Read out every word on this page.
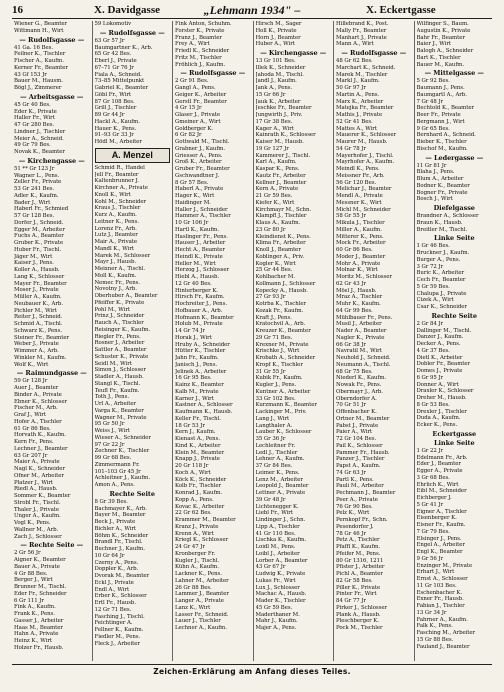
16	X. Davidgasse	„Lehmann 1934" –	X. Eckertgasse
Wiener G., Beamter
Wittmann H., Wirt
— Rudolfsgasse —
41 Ga. 16 Bes.
Feilner K., Tischler
Fischer A., Kaufm.
Kerner Fr., Beamter
43 Gf 153 Jr
Bauer M., Hausm.
Bögl J., Zimmerer
— Arbeitsgasse —
45 Gr 40 Bes.
Eder K., Private
Haller Fr., Wirt
47 Gr 280 Bes.
Lindner J., Tischler
Meier A., Schneid.
49 Gr 79 Bes.
Novak K., Beamter
— Kirchengasse —
51 ** Gr 123 Jr
Wagner L., Pens.
Zeller Fr., Private
53 Gr 241 Bes.
Adler K., Kaufm.
Bader J., Wirt
Haberl Fr., Schmied
57 Gr 128 Bes.
Dorfer J., Schneid.
Egger M., Arbeiter
Fuchs A., Beamter
Gruber K., Private
Huber Fr., Tischl.
Jäger M., Wirt
Kaiser J., Pens.
Koller A., Hausb.
Lang K., Schlosser
Mayer Fr., Beamter
Moser J., Private
Müller A., Kaufm.
Neubauer K., Arb.
Pichler M., Wirt
Reiter J., Schneid.
Schmid A., Tischl.
Schwarz K., Pens.
Steiner Fr., Beamter
Weber J., Private
Wimmer A., Arb.
Winkler M., Kaufm.
Wolf K., Wirt
— Raimundgasse —
59 Gr 128 Jr
Auer J., Beamter
Binder A., Private
Ebner K., Schlosser
Fischer M., Arb.
Graf J., Wirt
Hofer A., Tischler
61 Gr 86 Bes.
Horvath K., Kaufm.
Kern Fr., Pens.
Lechner J., Beamter
63 Gr 207 Jr
Maier A., Private
Nagl K., Schneider
Ofner M., Arbeiter
Platzer J., Wirt
Riedl A., Hausb.
Sommer K., Beamter
Strobl Fr., Tischl.
Thaler J., Private
Unger A., Kaufm.
Vogl K., Pens.
Wallner M., Arb.
Zach J., Schlosser
— Rechte Seite —
2 Gr 56 Jr
Aigner K., Beamter
Bauer A., Private
4 Gr 88 Bes.
Berger J., Wirt
Brunner M., Tischl.
Eder Fr., Schneider
6 Gr 111 Jr
Fink A., Kaufm.
Frank K., Pens.
Gasser J., Arbeiter
Haas M., Beamter
Hahn A., Private
Heinz K., Wirt
Holzer Fr., Hausb.
59 Lokomotiv
— Rudolfsgasse —
63 Gr 57 Jr
Baumgartner K., Arb.
65 Gr 42 Bes.
Eberl J., Private
67–71 Gr 76 Jr
Fiala A., Schneid.
73–85 Mittelpunkt
Gabriel K., Beamter
Göbl Fr., Wirt
87 Gr 108 Bes.
Grill J., Tischler
89 Gr 44 Jr
Hackl A., Kaufm.
Hauer K., Pens.
91–93 Gr 33 Jr
Hödl M., Arbeiter
A. Menzel
Schmid R., Handel
Jell Fr., Beamter
Kaltenbrunner J.
Kirchner A., Private
Knoll K., Wirt
Kohl M., Schneider
Kraus J., Tischler
Kurz A., Kaufm.
Leitner K., Pens.
Lorenz Fr., Arb.
Lutz J., Beamter
Mair A., Private
Mandl K., Wirt
Marek M., Schlosser
Mayr J., Hausb.
Meixner A., Tischl.
Moll K., Kaufm.
Nemec Fr., Pens.
Novotny J., Arb.
Oberhuber A., Beamter
Pfeiffer K., Private
Pohl M., Wirt
Prinz J., Schneider
Rauch A., Tischler
Reisinger K., Kaufm.
Riegler Fr., Pens.
Rosner J., Arbeiter
Sattler A., Beamter
Schuster K., Private
Seidl M., Wirt
Simon J., Schlosser
Stadler A., Hausb.
Stangl K., Tischl.
Teufl Fr., Kaufm.
Toth J., Pens.
Url A., Arbeiter
Varga K., Beamter
Wagner M., Private
95 Gr 50 Jr
Weiss J., Wirt
Wieser A., Schneider
97 Gr 22 Jr
Zechner K., Tischler
99 Gr 68 Bes.
Zimmermann Fr.
101–103 Gr 45 Jr
Achleitner J., Kaufm.
Amon A., Pens.
Rechte Seite
8 Gr 39 Bes.
Bachmayer K., Arb.
Bayer M., Beamter
Beck J., Private
Bichler A., Wirt
Böhm K., Schneider
Brandl Fr., Tischl.
Buchner J., Kaufm.
10 Gr 64 Jr
Czerny A., Pens.
Doppler K., Arb.
Dvorak M., Beamter
Eckl J., Private
Endl A., Wirt
Erber K., Schlosser
Ertl Fr., Hausb.
12 Gr 71 Bes.
Fasching J., Tischl.
Feichtinger A.
Fellner K., Kaufm.
Fiedler M., Pens.
Fleck J., Arbeiter
Fink Anton, Schuhm.
Forster K., Private
Franz J., Beamter
Frey A., Wirt
Friedl K., Schneider
Fritz M., Tischler
Fröhlich J., Kaufm.
— Rudolfsgasse —
2 Gr 91 Bes.
Gangl A., Pens.
Geiger K., Arbeiter
Gerstl Fr., Beamter
4 Gr 15 Jr
Glaser J., Private
Gmeiner A., Wirt
Goldberger K.
6 Gr 82 Jr
Gottwald M., Tischl.
Grabner J., Kaufm.
Griesser A., Pens.
Groß K., Arbeiter
Gruber Fr., Beamter
Gschwandtner J.
8 Gr 57 Bes.
Haberl A., Private
Hager K., Wirt
Haidinger M.
Haller J., Schneider
Hammer A., Tischler
10 Gr 106 Jr
Hartl K., Kaufm.
Haslinger Fr., Pens.
Hauser J., Arbeiter
Hecht A., Beamter
Heindl K., Private
Heller M., Wirt
Herzog J., Schlosser
Hiebl A., Hausb.
12 Gr 40 Bes.
Hinterberger K.
Hirsch Fr., Kaufm.
Hochreiter J., Pens.
Hofbauer A., Arb.
Hofmann K., Beamter
Holub M., Private
14 Gr 74 Jr
Horak J., Wirt
Hruby A., Schneider
Hütter K., Tischler
Jahn Fr., Kaufm.
Janisch J., Pens.
Jelinek A., Arbeiter
16 Gr 95 Bes.
Kainz K., Beamter
Kalb M., Private
Karner J., Wirt
Kastner A., Schlosser
Kaufmann K., Hausb.
Keller Fr., Tischl.
18 Gr 53 Jr
Kern J., Kaufm.
Kienast A., Pens.
Kind K., Arbeiter
Klein M., Beamter
Knapp J., Private
20 Gr 118 Jr
Koch A., Wirt
Köck K., Schneider
Kolb Fr., Tischler
Konrad J., Kaufm.
Kopp A., Pens.
Kovac K., Arbeiter
22 Gr 62 Bes.
Krammer M., Beamter
Kranz J., Private
Krenn A., Wirt
Kriegl K., Schlosser
24 Gr 47 Jr
Kronberger Fr.
Kugler J., Tischl.
Kühn A., Kaufm.
Lackner K., Pens.
Lahner M., Arbeiter
26 Gr 88 Bes.
Lammer J., Beamter
Langer A., Private
Lanz K., Wirt
Lasser Fr., Schneid.
Lauer J., Tischler
Lechner A., Kaufm.
Hirsch M., Sager
Holl K., Private
Horn J., Beamter
Huber A., Wirt
— Kirchengasse —
13 Gr 101 Bes.
Illek K., Schneider
Jahoda M., Tischl.
Jandl J., Kaufm.
Jank A., Pens.
15 Gr 66 Jr
Jauk K., Arbeiter
Jeschke Fr., Beamter
Jungwirth J., Priv.
17 Gr 38 Bes.
Kager A., Wirt
Kainrath K., Schlosser
Kaiser M., Hausb.
19 Gr 127 Jr
Kammerer J., Tischl.
Karl A., Kaufm.
Kaspar K., Pens.
Kautz Fr., Arbeiter
Kellner J., Beamter
Kern A., Private
21 Gr 59 Bes.
Kiefer K., Wirt
Kirchmayr M., Schn.
Klampfl J., Tischler
Klaus A., Kaufm.
23 Gr 80 Jr
Kleindienst K., Pens.
Klima Fr., Arbeiter
Knoll J., Beamter
Koblinger A., Priv.
Kogler K., Wirt
25 Gr 44 Bes.
Kohlbacher M.
Kollmann J., Schlosser
Kopecky A., Hausb.
27 Gr 93 Jr
Kotrba K., Tischler
Kozak Fr., Kaufm.
Kraft J., Pens.
Kratochvil A., Arb.
Kreuzer K., Beamter
29 Gr 71 Bes.
Krexner M., Private
Krischke J., Wirt
Krobath A., Schneider
Kropf K., Tischler
31 Gr 55 Jr
Kubik Fr., Kaufm.
Kugler J., Pens.
Kuntner A., Arbeiter
33 Gr 102 Bes.
Kurzmann K., Beamter
Lackinger M., Priv.
Lang J., Wirt
Langthaler A.
Lauber K., Schlosser
35 Gr 36 Jr
Lechleitner Fr.
Ledl J., Tischler
Lehner A., Kaufm.
37 Gr 84 Bes.
Leimer K., Pens.
Lenz M., Arbeiter
Leopold J., Beamter
Lettner A., Private
39 Gr 48 Jr
Lichtenegger K.
Liebl Fr., Wirt
Lindinger J., Schn.
Lipp A., Tischler
41 Gr 110 Bes.
Lischka K., Kaufm.
Loidl M., Pens.
Loibl J., Arbeiter
Lorber A., Beamter
43 Gr 67 Jr
Ludwig K., Private
Lukas Fr., Wirt
Lux J., Schlosser
Machac A., Hausb.
Mader K., Tischler
45 Gr 59 Bes.
Maderthaner M.
Mahr J., Kaufm.
Majer A., Pens.
Hillebrand K., Post.
Mally Fr., Beamter
Manhart J., Private
Mann A., Wirt
— Rudolfsgasse —
48 Gr 62 Bes.
Marchart K., Schneid.
Marek M., Tischler
Markl J., Kaufm.
50 Gr 97 Jr
Martin A., Pens.
Marx K., Arbeiter
Matejka Fr., Beamter
Mathis J., Private
52 Gr 41 Bes.
Mattes A., Wirt
Mauerer K., Schlosser
Maurer M., Hausb.
54 Gr 78 Jr
Mayerhofer J., Tischl.
Mayrhofer A., Kaufm.
Meindl K., Pens.
Meissner Fr., Arb.
56 Gr 120 Bes.
Melichar J., Beamter
Mendl A., Private
Messner K., Wirt
Michl M., Schneider
58 Gr 55 Jr
Mikula J., Tischler
Miller A., Kaufm.
Mitterer K., Pens.
Mock Fr., Arbeiter
60 Gr 86 Bes.
Moder J., Beamter
Mohr A., Private
Molnar K., Wirt
Moritz M., Schlosser
62 Gr 43 Jr
Mösl J., Hausb.
Mraz A., Tischler
Muhr K., Kaufm.
64 Gr 99 Bes.
Mühlbauer Fr., Pens.
Musil J., Arbeiter
Nader A., Beamter
Nagler K., Private
66 Gr 38 Jr
Navratil M., Wirt
Neuhold J., Schneid.
Neumann A., Tischl.
68 Gr 75 Bes.
Niederl K., Kaufm.
Nowak Fr., Pens.
Obermayr J., Arb.
Oberndorfer A.
70 Gr 51 Jr
Offenbacher K.
Ortner M., Beamter
Pabst J., Private
Paier A., Wirt
72 Gr 104 Bes.
Pail K., Schlosser
Pammer Fr., Hausb.
Panzer J., Tischler
Papst A., Kaufm.
74 Gr 63 Jr
Partl K., Pens.
Pauli M., Arbeiter
Pechmann J., Beamter
Peer A., Private
76 Gr 90 Bes.
Pelz K., Wirt
Pernkopf Fr., Schn.
Pesendorfer J.
78 Gr 46 Jr
Petz A., Tischler
Pfaffl K., Kaufm.
Pfeifer M., Pens.
80 Gr 1316, 1211
Pfister J., Arbeiter
Pichl A., Beamter
82 Gr 58 Bes.
Piller K., Private
Pinter Fr., Wirt
84 Gr 77 Jr
Pirker J., Schlosser
Plank A., Hausb.
Pleschberger K.
Pock M., Tischler
Wilfinger S., Baum.
Augustin K., Private
Bahr Fr., Beamter
Baier J., Wirt
Balogh A., Schneider
Bart K., Tischler
Bauer M., Kaufm.
— Mittelgasse —
5 Gr 92 Bes.
Baumann J., Pens.
Baumgartl A., Arb.
7 Gr 48 Jr
Bechtold K., Beamter
Beer Fr., Private
Bergmann J., Wirt
9 Gr 65 Bes.
Bernhard A., Schneid.
Bieber K., Tischler
Bischof M., Kaufm.
— Ledergasse —
11 Gr 81 Jr
Blaha J., Pens.
Blum A., Arbeiter
Bodner K., Beamter
Bogner Fr., Private
Bosch J., Wirt
Diefelgasse
Brandner A., Schlosser
Braun K., Hausb.
Breitler M., Tischl.
Linke Seite
1 Gr 46 Bes.
Bruckner J., Kaufm.
Burger A., Pens.
3 Gr 72 Jr
Buric K., Arbeiter
Cech Fr., Beamter
5 Gr 59 Bes.
Chalupa J., Private
Cizek A., Wirt
Csar K., Schneider
Rechte Seite
2 Gr 84 Jr
Dallinger M., Tischl.
Danzer J., Kaufm.
Decker A., Pens.
4 Gr 37 Bes.
Dietl K., Arbeiter
Dobler Fr., Beamter
Domes J., Private
6 Gr 95 Jr
Donner A., Wirt
Draxler K., Schlosser
Dreher M., Hausb.
8 Gr 53 Bes.
Drexler J., Tischler
Duda A., Kaufm.
Ecker K., Pens.
Eckertgasse
Linke Seite
1 Gr 22 Jr
Edelmann Fr., Arb.
Eder J., Beamter
Egger A., Private
3 Gr 68 Bes.
Ehrlich K., Wirt
Eibl M., Schneider
Eichberger J.
5 Gr 41 Jr
Eigner A., Tischler
Eisenberger K.
Eisner Fr., Kaufm.
7 Gr 79 Bes.
Elsinger J., Pens.
Engel A., Arbeiter
Engl K., Beamter
9 Gr 56 Jr
Enzinger M., Private
Erhart J., Wirt
Ernst A., Schlosser
11 Gr 103 Bes.
Eschenbacher K.
Exner Fr., Hausb.
Fabian J., Tischler
13 Gr 34 Jr
Fahrner A., Kaufm.
Falk K., Pens.
Fasching M., Arbeiter
15 Gr 88 Bes.
Fauland J., Beamter
Zeichen-Erklärung am Anfang dieses Teiles.
